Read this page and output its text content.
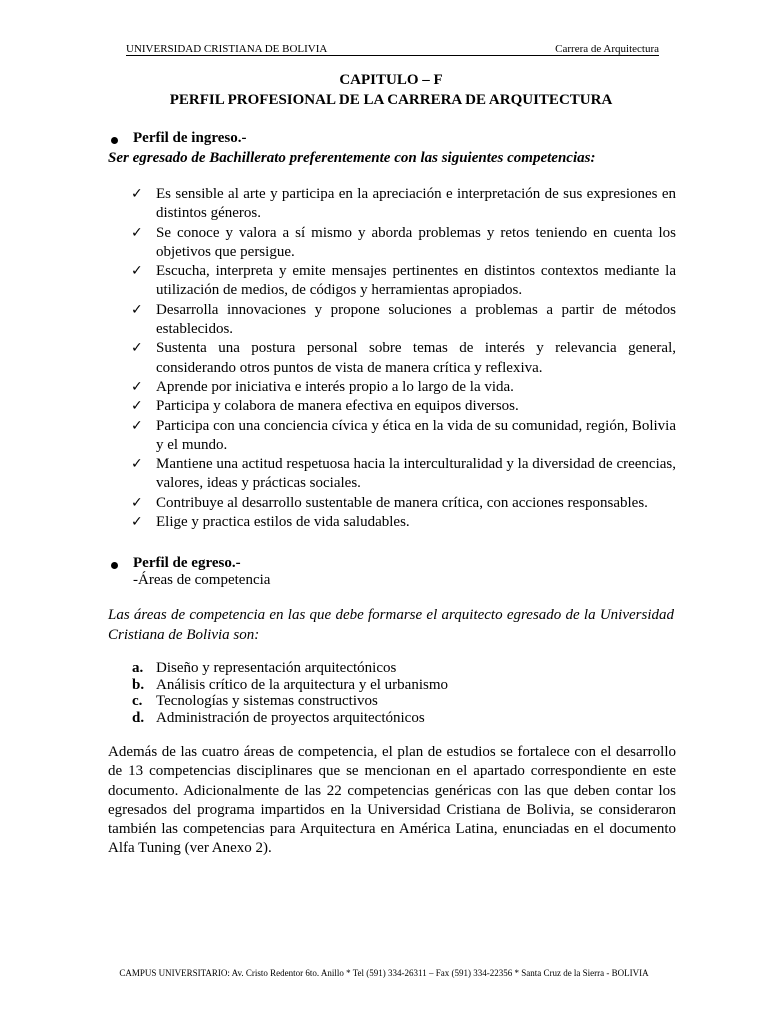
UNIVERSIDAD CRISTIANA DE BOLIVIA	Carrera de Arquitectura
CAPITULO – F
PERFIL PROFESIONAL DE LA CARRERA DE ARQUITECTURA
Perfil de ingreso.-
Ser egresado de Bachillerato preferentemente con las siguientes competencias:
✓ Es sensible al arte y participa en la apreciación e interpretación de sus expresiones en distintos géneros.
✓ Se conoce y valora a sí mismo y aborda problemas y retos teniendo en cuenta los objetivos que persigue.
✓ Escucha, interpreta y emite mensajes pertinentes en distintos contextos mediante la utilización de medios, de códigos y herramientas apropiados.
✓ Desarrolla innovaciones y propone soluciones a problemas a partir de métodos establecidos.
✓ Sustenta una postura personal sobre temas de interés y relevancia general, considerando otros puntos de vista de manera crítica y reflexiva.
✓ Aprende por iniciativa e interés propio a lo largo de la vida.
✓ Participa y colabora de manera efectiva en equipos diversos.
✓ Participa con una conciencia cívica y ética en la vida de su comunidad, región, Bolivia y el mundo.
✓ Mantiene una actitud respetuosa hacia la interculturalidad y la diversidad de creencias, valores, ideas y prácticas sociales.
✓ Contribuye al desarrollo sustentable de manera crítica, con acciones responsables.
✓ Elige y practica estilos de vida saludables.
Perfil de egreso.-
-Áreas de competencia
Las áreas de competencia en las que debe formarse el arquitecto egresado de la Universidad Cristiana de Bolivia son:
a. Diseño y representación arquitectónicos
b. Análisis crítico de la arquitectura y el urbanismo
c. Tecnologías y sistemas constructivos
d. Administración de proyectos arquitectónicos
Además de las cuatro áreas de competencia, el plan de estudios se fortalece con el desarrollo de 13 competencias disciplinares que se mencionan en el apartado correspondiente en este documento. Adicionalmente de las 22 competencias genéricas con las que deben contar los egresados del programa impartidos en la Universidad Cristiana de Bolivia, se consideraron también las competencias para Arquitectura en América Latina, enunciadas en el documento Alfa Tuning (ver Anexo 2).
CAMPUS UNIVERSITARIO: Av. Cristo Redentor 6to. Anillo * Tel (591) 334-26311 – Fax (591) 334-22356 * Santa Cruz de la Sierra - BOLIVIA
